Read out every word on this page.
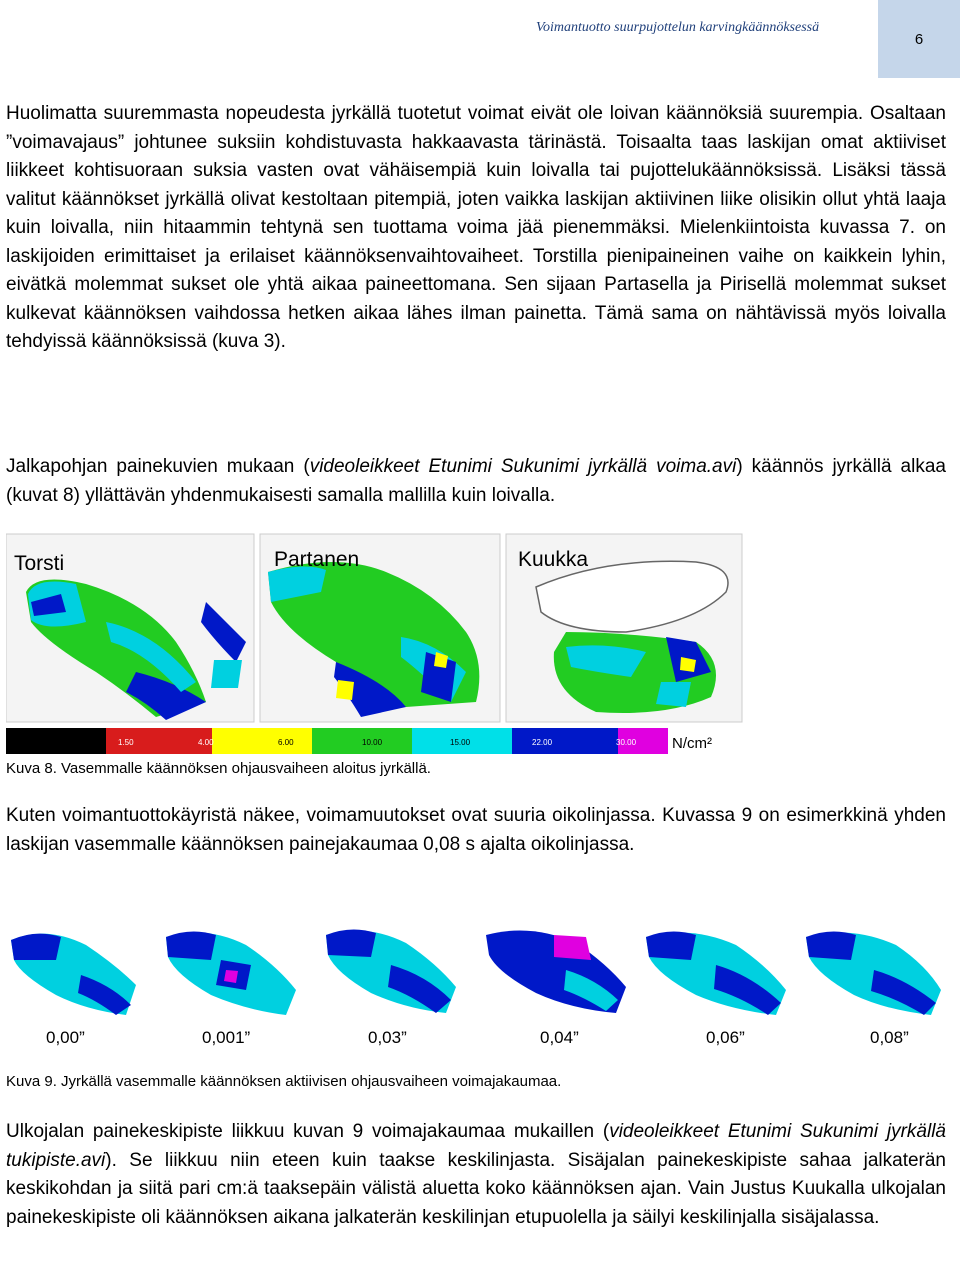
Voimantuotto suurpujottelun karvingkäännöksessä
6

Huolimatta suuremmasta nopeudesta jyrkällä tuotetut voimat eivät ole loivan käännöksiä suurempia. Osaltaan ”voimavajaus” johtunee suksiin kohdistuvasta hakkaavasta tärinästä. Toisaalta taas laskijan omat aktiiviset liikkeet kohtisuoraan suksia vasten ovat vähäisempiä kuin loivalla tai pujottelukäännöksissä. Lisäksi tässä valitut käännökset jyrkällä olivat kestoltaan pitempiä, joten vaikka laskijan aktiivinen liike olisikin ollut yhtä laaja kuin loivalla, niin hitaammin tehtynä sen tuottama voima jää pienemmäksi. Mielenkiintoista kuvassa 7. on laskijoiden erimittaiset ja erilaiset käännöksenvaihtovaiheet. Torstilla pienipaineinen vaihe on kaikkein lyhin, eivätkä molemmat sukset ole yhtä aikaa paineettomana. Sen sijaan Partasella ja Pirisellä molemmat sukset kulkevat käännöksen vaihdossa hetken aikaa lähes ilman painetta. Tämä sama on nähtävissä myös loivalla tehdyissä käännöksissä (kuva 3).

Jalkapohjan painekuvien mukaan (videoleikkeet Etunimi Sukunimi jyrkällä voima.avi) käännös jyrkällä alkaa (kuvat 8) yllättävän yhdenmukaisesti samalla mallilla kuin loivalla.

Torsti	Partanen	Kuukka
1.50	4.00	6.00	10.00	15.00	22.00	30.00 N/cm²

Kuva 8. Vasemmalle käännöksen ohjausvaiheen aloitus jyrkällä.

Kuten voimantuottokäyristä näkee, voimamuutokset ovat suuria oikolinjassa. Kuvassa 9 on esimerkkinä yhden laskijan vasemmalle käännöksen painejakaumaa 0,08 s ajalta oikolinjassa.

0,00”	0,001”	0,03”	0,04”	0,06”	0,08”

Kuva 9. Jyrkällä vasemmalle käännöksen aktiivisen ohjausvaiheen voimajakaumaa.

Ulkojalan painekeskipiste liikkuu kuvan 9 voimajakaumaa mukaillen (videoleikkeet Etunimi Sukunimi jyrkällä tukipiste.avi). Se liikkuu niin eteen kuin taakse keskilinjasta. Sisäjalan painekeskipiste sahaa jalkaterän keskikohdan ja siitä pari cm:ä taaksepäin välistä aluetta koko käännöksen ajan. Vain Justus Kuukalla ulkojalan painekeskipiste oli käännöksen aikana jalkaterän keskilinjan etupuolella ja säilyi keskilinjalla sisäjalassa.
